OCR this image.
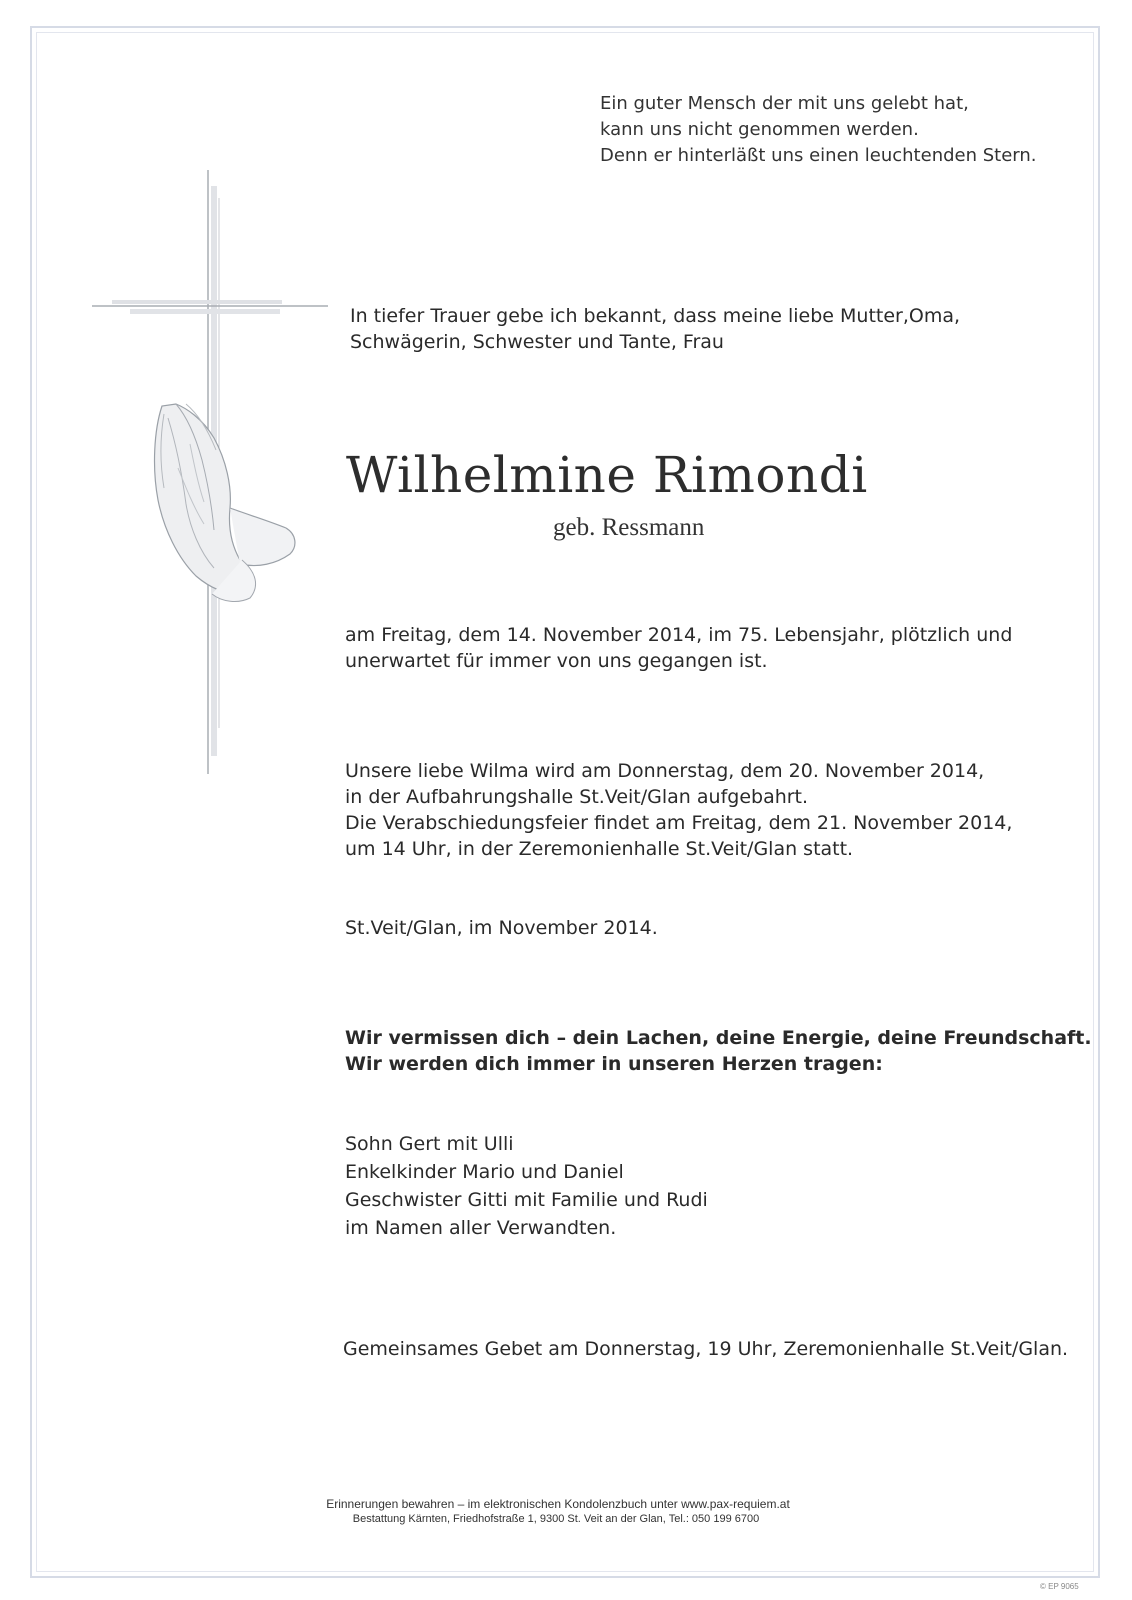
Ein guter Mensch der mit uns gelebt hat,
kann uns nicht genommen werden.
Denn er hinterläßt uns einen leuchtenden Stern.
In tiefer Trauer gebe ich bekannt, dass meine liebe Mutter,Oma,
Schwägerin, Schwester und Tante, Frau
Wilhelmine Rimondi
geb. Ressmann
am Freitag, dem 14. November 2014, im 75. Lebensjahr, plötzlich und
unerwartet für immer von uns gegangen ist.
Unsere liebe Wilma wird am Donnerstag, dem 20. November 2014,
in der Aufbahrungshalle St.Veit/Glan aufgebahrt.
Die Verabschiedungsfeier findet am Freitag, dem 21. November 2014,
um 14 Uhr, in der Zeremonienhalle St.Veit/Glan statt.
St.Veit/Glan, im November 2014.
Wir vermissen dich – dein Lachen, deine Energie, deine Freundschaft.
Wir werden dich immer in unseren Herzen tragen:
Sohn Gert mit Ulli
Enkelkinder Mario und Daniel
Geschwister Gitti mit Familie und Rudi
im Namen aller Verwandten.
Gemeinsames Gebet am Donnerstag, 19 Uhr, Zeremonienhalle St.Veit/Glan.
Erinnerungen bewahren – im elektronischen Kondolenzbuch unter www.pax-requiem.at
Bestattung Kärnten, Friedhofstraße 1, 9300 St. Veit an der Glan, Tel.: 050 199 6700
© EP 9065
